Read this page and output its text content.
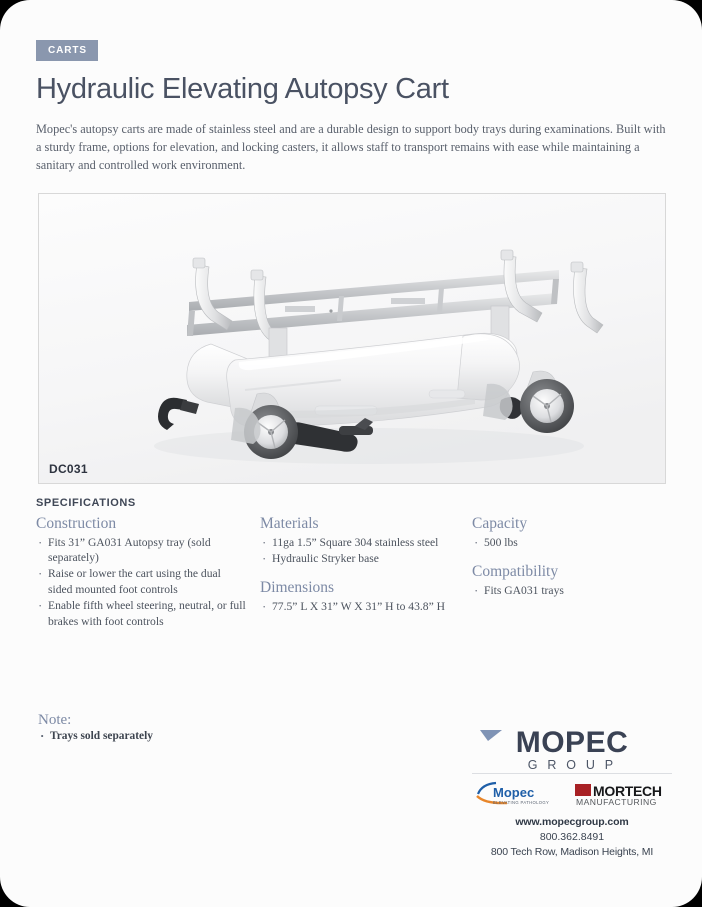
CARTS
Hydraulic Elevating Autopsy Cart

Mopec's autopsy carts are made of stainless steel and are a durable design to support body trays during examinations. Built with a sturdy frame, options for elevation, and locking casters, it allows staff to transport remains with ease while maintaining a sanitary and controlled work environment.

DC031
SPECIFICATIONS
Construction
· Fits 31” GA031 Autopsy tray (sold separately)
· Raise or lower the cart using the dual sided mounted foot controls
· Enable fifth wheel steering, neutral, or full brakes with foot controls
Materials
· 11ga 1.5” Square 304 stainless steel
· Hydraulic Stryker base
Dimensions
· 77.5” L X 31” W X 31” H to 43.8” H
Capacity
· 500 lbs
Compatibility
· Fits GA031 trays
Note:
· Trays sold separately	MOPEC
G R O U P
Mopec
ELEVATING PATHOLOGY
MORTECH
MANUFACTURING
www.mopecgroup.com
800.362.8491
800 Tech Row, Madison Heights, MI
